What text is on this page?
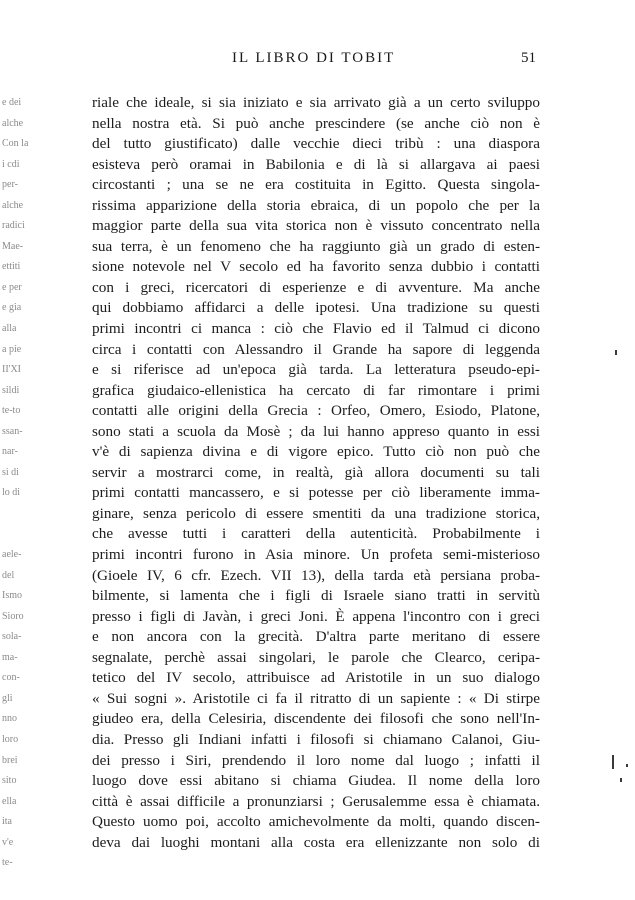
e dei
alche
Con la
i cdi
per-
alche
radici
Mae-
ettiti
e per
e gia
alla
a pie
II'XI
sildi
te-to
ssan-
nar-
si di
lo di
aele-
del
Ismo
Sioro
sola-
ma-
con-
gli
nno
loro
brei
sito
ella
ita
v'e
te-
IL LIBRO DI TOBIT	51
riale che ideale, si sia iniziato e sia arrivato già a un certo sviluppo
nella nostra età. Si può anche prescindere (se anche ciò non è
del tutto giustificato) dalle vecchie dieci tribù : una diaspora
esisteva però oramai in Babilonia e di là si allargava ai paesi
circostanti ; una se ne era costituita in Egitto. Questa singola-
rissima apparizione della storia ebraica, di un popolo che per la
maggior parte della sua vita storica non è vissuto concentrato nella
sua terra, è un fenomeno che ha raggiunto già un grado di esten-
sione notevole nel V secolo ed ha favorito senza dubbio i contatti
con i greci, ricercatori di esperienze e di avventure. Ma anche
qui dobbiamo affidarci a delle ipotesi. Una tradizione su questi
primi incontri ci manca : ciò che Flavio ed il Talmud ci dicono
circa i contatti con Alessandro il Grande ha sapore di leggenda
e si riferisce ad un'epoca già tarda. La letteratura pseudo-epi-
grafica giudaico-ellenistica ha cercato di far rimontare i primi
contatti alle origini della Grecia : Orfeo, Omero, Esiodo, Platone,
sono stati a scuola da Mosè ; da lui hanno appreso quanto in essi
v'è di sapienza divina e di vigore epico. Tutto ciò non può che
servir a mostrarci come, in realtà, già allora documenti su tali
primi contatti mancassero, e si potesse per ciò liberamente imma-
ginare, senza pericolo di essere smentiti da una tradizione storica,
che avesse tutti i caratteri della autenticità. Probabilmente i
primi incontri furono in Asia minore. Un profeta semi-misterioso
(Gioele IV, 6 cfr. Ezech. VII 13), della tarda età persiana proba-
bilmente, si lamenta che i figli di Israele siano tratti in servitù
presso i figli di Javàn, i greci Joni. È appena l'incontro con i greci
e non ancora con la grecità. D'altra parte meritano di essere
segnalate, perchè assai singolari, le parole che Clearco, ceripa-
tetico del IV secolo, attribuisce ad Aristotile in un suo dialogo
« Sui sogni ». Aristotile ci fa il ritratto di un sapiente : « Di stirpe
giudeo era, della Celesiria, discendente dei filosofi che sono nell'In-
dia. Presso gli Indiani infatti i filosofi si chiamano Calanoi, Giu-
dei presso i Siri, prendendo il loro nome dal luogo ; infatti il
luogo dove essi abitano si chiama Giudea. Il nome della loro
città è assai difficile a pronunziarsi ; Gerusalemme essa è chiamata.
Questo uomo poi, accolto amichevolmente da molti, quando discen-
deva dai luoghi montani alla costa era ellenizzante non solo di
